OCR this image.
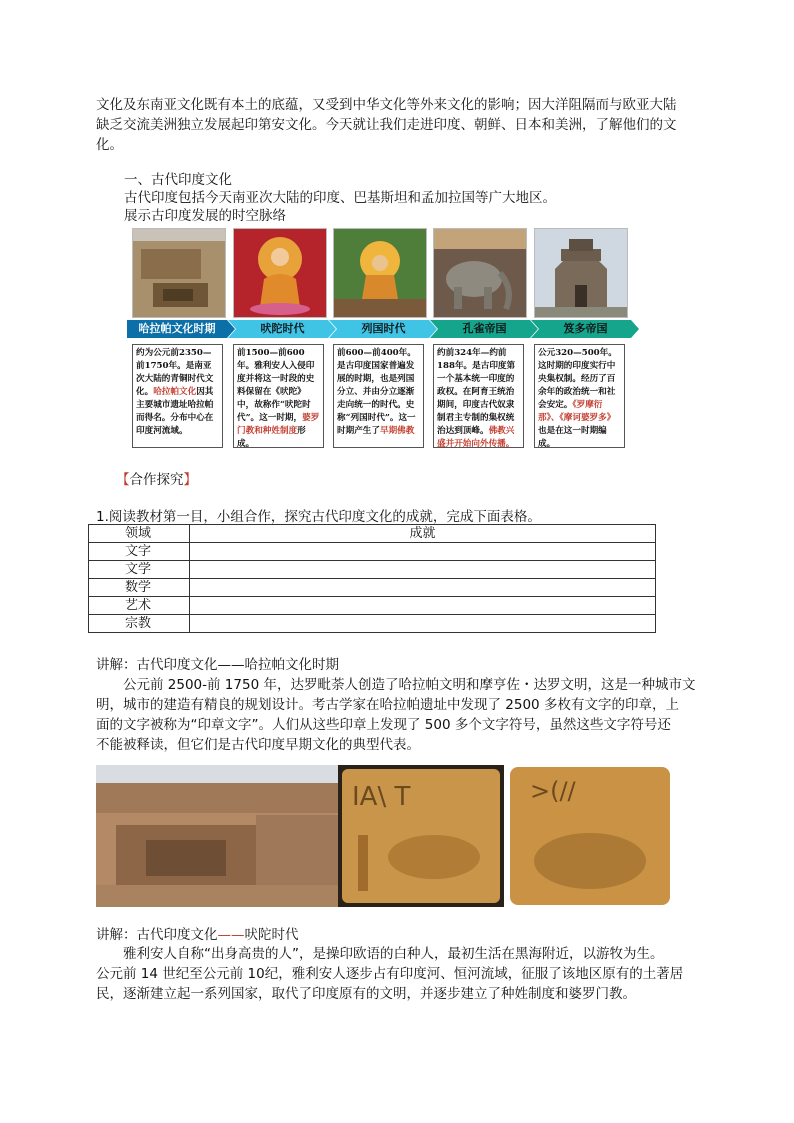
文化及东南亚文化既有本土的底蕴，又受到中华文化等外来文化的影响；因大洋阻隔而与欧亚大陆
缺乏交流美洲独立发展起印第安文化。今天就让我们走进印度、朝鲜、日本和美洲，了解他们的文
化。
一、古代印度文化
古代印度包括今天南亚次大陆的印度、巴基斯坦和孟加拉国等广大地区。
展示古印度发展的时空脉络
哈拉帕文化时期	吠陀时代	列国时代	孔雀帝国	笈多帝国
约为公元前2350—前1750年。是南亚次大陆的青铜时代文化。哈拉帕文化因其主要城市遗址哈拉帕而得名。分布中心在印度河流域。
前1500—前600年。雅利安人入侵印度并将这一时段的史料保留在《吠陀》中，故称作“吠陀时代”。这一时期，婆罗门教和种姓制度形成。
前600—前400年。是古印度国家普遍发展的时期，也是列国分立、并由分立逐渐走向统一的时代。史称“列国时代”。这一时期产生了早期佛教
约前324年—约前188年。是古印度第一个基本统一印度的政权。在阿育王统治期间，印度古代奴隶制君主专制的集权统治达到顶峰。佛教兴盛并开始向外传播。
公元320—500年。这时期的印度实行中央集权制。经历了百余年的政治统一和社会安定。《罗摩衍那》、《摩诃婆罗多》也是在这一时期编成。
【合作探究】
1.阅读教材第一目，小组合作，探究古代印度文化的成就，完成下面表格。
领域	成就
文字	
文学	
数学	
艺术	
宗教	
讲解：古代印度文化——哈拉帕文化时期
公元前 2500-前 1750 年，达罗毗荼人创造了哈拉帕文明和摩亨佐・达罗文明，这是一种城市文
明，城市的建造有精良的规划设计。考古学家在哈拉帕遗址中发现了 2500 多枚有文字的印章，上
面的文字被称为“印章文字”。人们从这些印章上发现了 500 多个文字符号，虽然这些文字符号还
不能被释读，但它们是古代印度早期文化的典型代表。
IA\ T	>(//
讲解：古代印度文化——吠陀时代
雅利安人自称“出身高贵的人”，是操印欧语的白种人，最初生活在黑海附近，以游牧为生。
公元前 14 世纪至公元前 10纪，雅利安人逐步占有印度河、恒河流域，征服了该地区原有的土著居
民，逐渐建立起一系列国家，取代了印度原有的文明，并逐步建立了种姓制度和婆罗门教。
